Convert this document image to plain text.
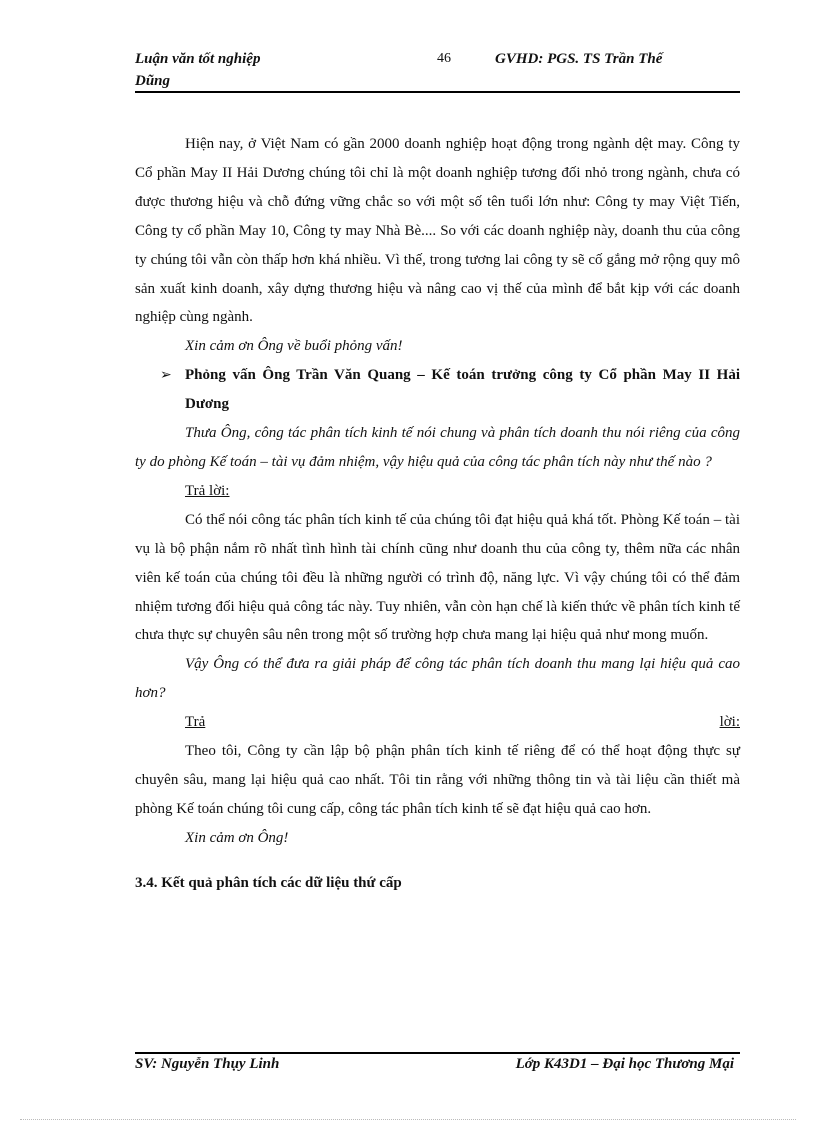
Luận văn tốt nghiệp
Dũng
46	GVHD: PGS. TS Trần Thế

Hiện nay, ở Việt Nam có gần 2000 doanh nghiệp hoạt động trong ngành dệt may. Công ty Cổ phần May II Hải Dương chúng tôi chỉ là một doanh nghiệp tương đối nhỏ trong ngành, chưa có được thương hiệu và chỗ đứng vững chắc so với một số tên tuổi lớn như: Công ty may Việt Tiến, Công ty cổ phần May 10, Công ty may Nhà Bè.... So với các doanh nghiệp này, doanh thu của công ty chúng tôi vẫn còn thấp hơn khá nhiều. Vì thế, trong tương lai công ty sẽ cố gắng mở rộng quy mô sản xuất kinh doanh, xây dựng thương hiệu và nâng cao vị thế của mình để bắt kịp với các doanh nghiệp cùng ngành.

Xin cảm ơn Ông về buổi phỏng vấn!

➢ Phỏng vấn Ông Trần Văn Quang – Kế toán trưởng công ty Cổ phần May II Hải Dương

Thưa Ông, công tác phân tích kinh tế nói chung và phân tích doanh thu nói riêng của công ty do phòng Kế toán – tài vụ đảm nhiệm, vậy hiệu quả của công tác phân tích này như thế nào ?

Trả lời:

Có thể nói công tác phân tích kinh tế của chúng tôi đạt hiệu quả khá tốt. Phòng Kế toán – tài vụ là bộ phận nắm rõ nhất tình hình tài chính cũng như doanh thu của công ty, thêm nữa các nhân viên kế toán của chúng tôi đều là những người có trình độ, năng lực. Vì vậy chúng tôi có thể đảm nhiệm tương đối hiệu quả công tác này. Tuy nhiên, vẫn còn hạn chế là kiến thức về phân tích kinh tế chưa thực sự chuyên sâu nên trong một số trường hợp chưa mang lại hiệu quả như mong muốn.

Vậy Ông có thể đưa ra giải pháp để công tác phân tích doanh thu mang lại hiệu quả cao hơn?

Trả	lời:

Theo tôi, Công ty cần lập bộ phận phân tích kinh tế riêng để có thể hoạt động thực sự chuyên sâu, mang lại hiệu quả cao nhất. Tôi tin rằng với những thông tin và tài liệu cần thiết mà phòng Kế toán chúng tôi cung cấp, công tác phân tích kinh tế sẽ đạt hiệu quả cao hơn.

Xin cảm ơn Ông!

3.4. Kết quả phân tích các dữ liệu thứ cấp
SV: Nguyễn Thụy Linh	Lớp K43D1 – Đại học Thương Mại
